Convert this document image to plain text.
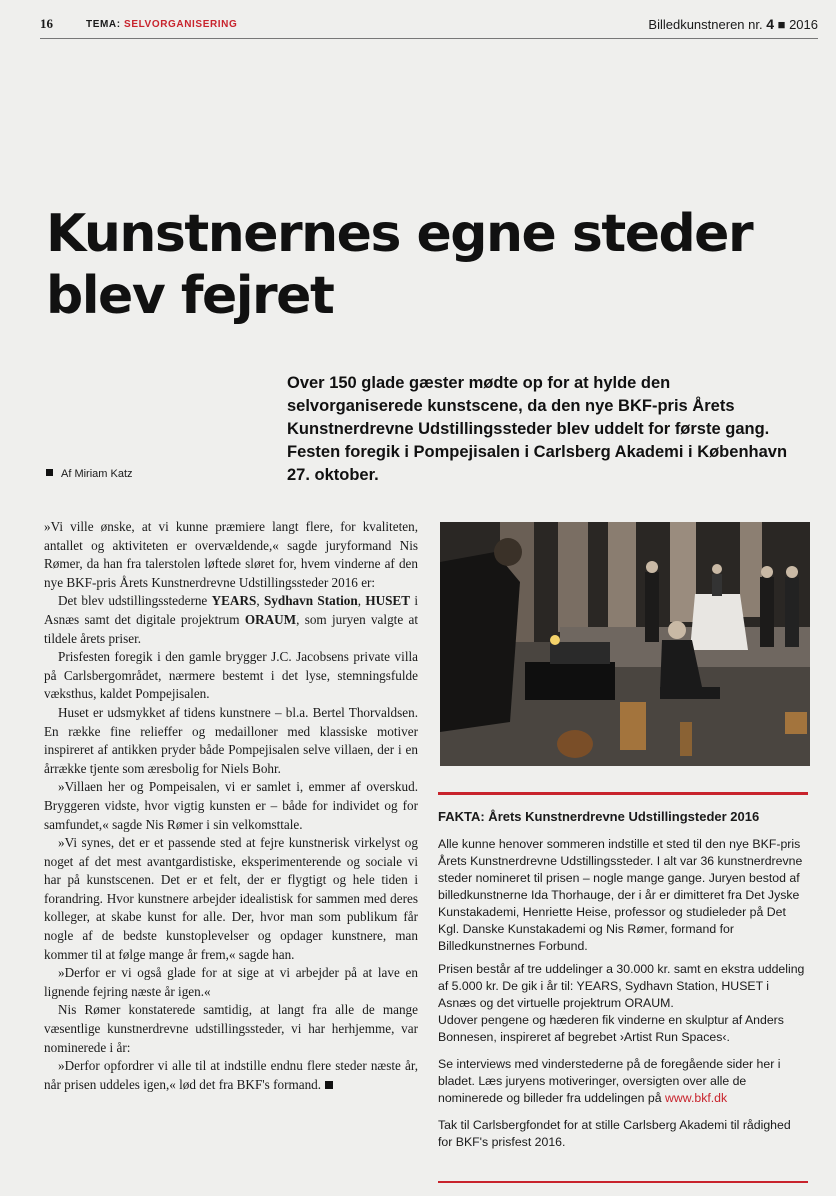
16	TEMA: SELVORGANISERING	Billedkunstneren nr. 4 ■ 2016
Kunstnernes egne steder blev fejret

Over 150 glade gæster mødte op for at hylde den selvorganiserede kunstscene, da den nye BKF-pris Årets Kunstnerdrevne Udstillingssteder blev uddelt for første gang. Festen foregik i Pompejisalen i Carlsberg Akademi i København 27. oktober.

Af Miriam Katz

»Vi ville ønske, at vi kunne præmiere langt flere, for kvaliteten, antallet og aktiviteten er overvældende,« sagde juryformand Nis Rømer, da han fra talerstolen løftede sløret for, hvem vinderne af den nye BKF-pris Årets Kunstnerdrevne Udstillingssteder 2016 er:

Det blev udstillingsstederne YEARS, Sydhavn Station, HUSET i Asnæs samt det digitale projektrum ORAUM, som juryen valgte at tildele årets priser.

Prisfesten foregik i den gamle brygger J.C. Jacobsens private villa på Carlsbergområdet, nærmere bestemt i det lyse, stemningsfulde væksthus, kaldet Pompejisalen.

Huset er udsmykket af tidens kunstnere – bl.a. Bertel Thorvaldsen. En række fine relieffer og medailloner med klassiske motiver inspireret af antikken pryder både Pompejisalen selve villaen, der i en årrække tjente som æresbolig for Niels Bohr.

»Villaen her og Pompeisalen, vi er samlet i, emmer af overskud. Bryggeren vidste, hvor vigtig kunsten er – både for individet og for samfundet,« sagde Nis Rømer i sin velkomsttale.

»Vi synes, det er et passende sted at fejre kunstnerisk virkelyst og noget af det mest avantgardistiske, eksperimenterende og sociale vi har på kunstscenen. Det er et felt, der er flygtigt og hele tiden i forandring. Hvor kunstnere arbejder idealistisk for sammen med deres kolleger, at skabe kunst for alle. Der, hvor man som publikum får nogle af de bedste kunstoplevelser og opdager kunstnere, man kommer til at følge mange år frem,« sagde han.

»Derfor er vi også glade for at sige at vi arbejder på at lave en lignende fejring næste år igen.«

Nis Rømer konstaterede samtidig, at langt fra alle de mange væsentlige kunstnerdrevne udstillingssteder, vi har herhjemme, var nominerede i år:

»Derfor opfordrer vi alle til at indstille endnu flere steder næste år, når prisen uddeles igen,« lød det fra BKF's formand.

FAKTA: Årets Kunstnerdrevne Udstillingsteder 2016

Alle kunne henover sommeren indstille et sted til den nye BKF-pris Årets Kunstnerdrevne Udstillingssteder. I alt var 36 kunstnerdrevne steder nomineret til prisen – nogle mange gange. Juryen bestod af billedkunstnerne Ida Thorhauge, der i år er dimitteret fra Det Jyske Kunstakademi, Henriette Heise, professor og studieleder på Det Kgl. Danske Kunstakademi og Nis Rømer, formand for Billedkunstnernes Forbund.

Prisen består af tre uddelinger a 30.000 kr. samt en ekstra uddeling af 5.000 kr. De gik i år til: YEARS, Sydhavn Station, HUSET i Asnæs og det virtuelle projektrum ORAUM.

Udover pengene og hæderen fik vinderne en skulptur af Anders Bonnesen, inspireret af begrebet ›Artist Run Spaces‹.

Se interviews med vinderstederne på de foregående sider her i bladet. Læs juryens motiveringer, oversigten over alle de nominerede og billeder fra uddelingen på www.bkf.dk

Tak til Carlsbergfondet for at stille Carlsberg Akademi til rådighed for BKF's prisfest 2016.
